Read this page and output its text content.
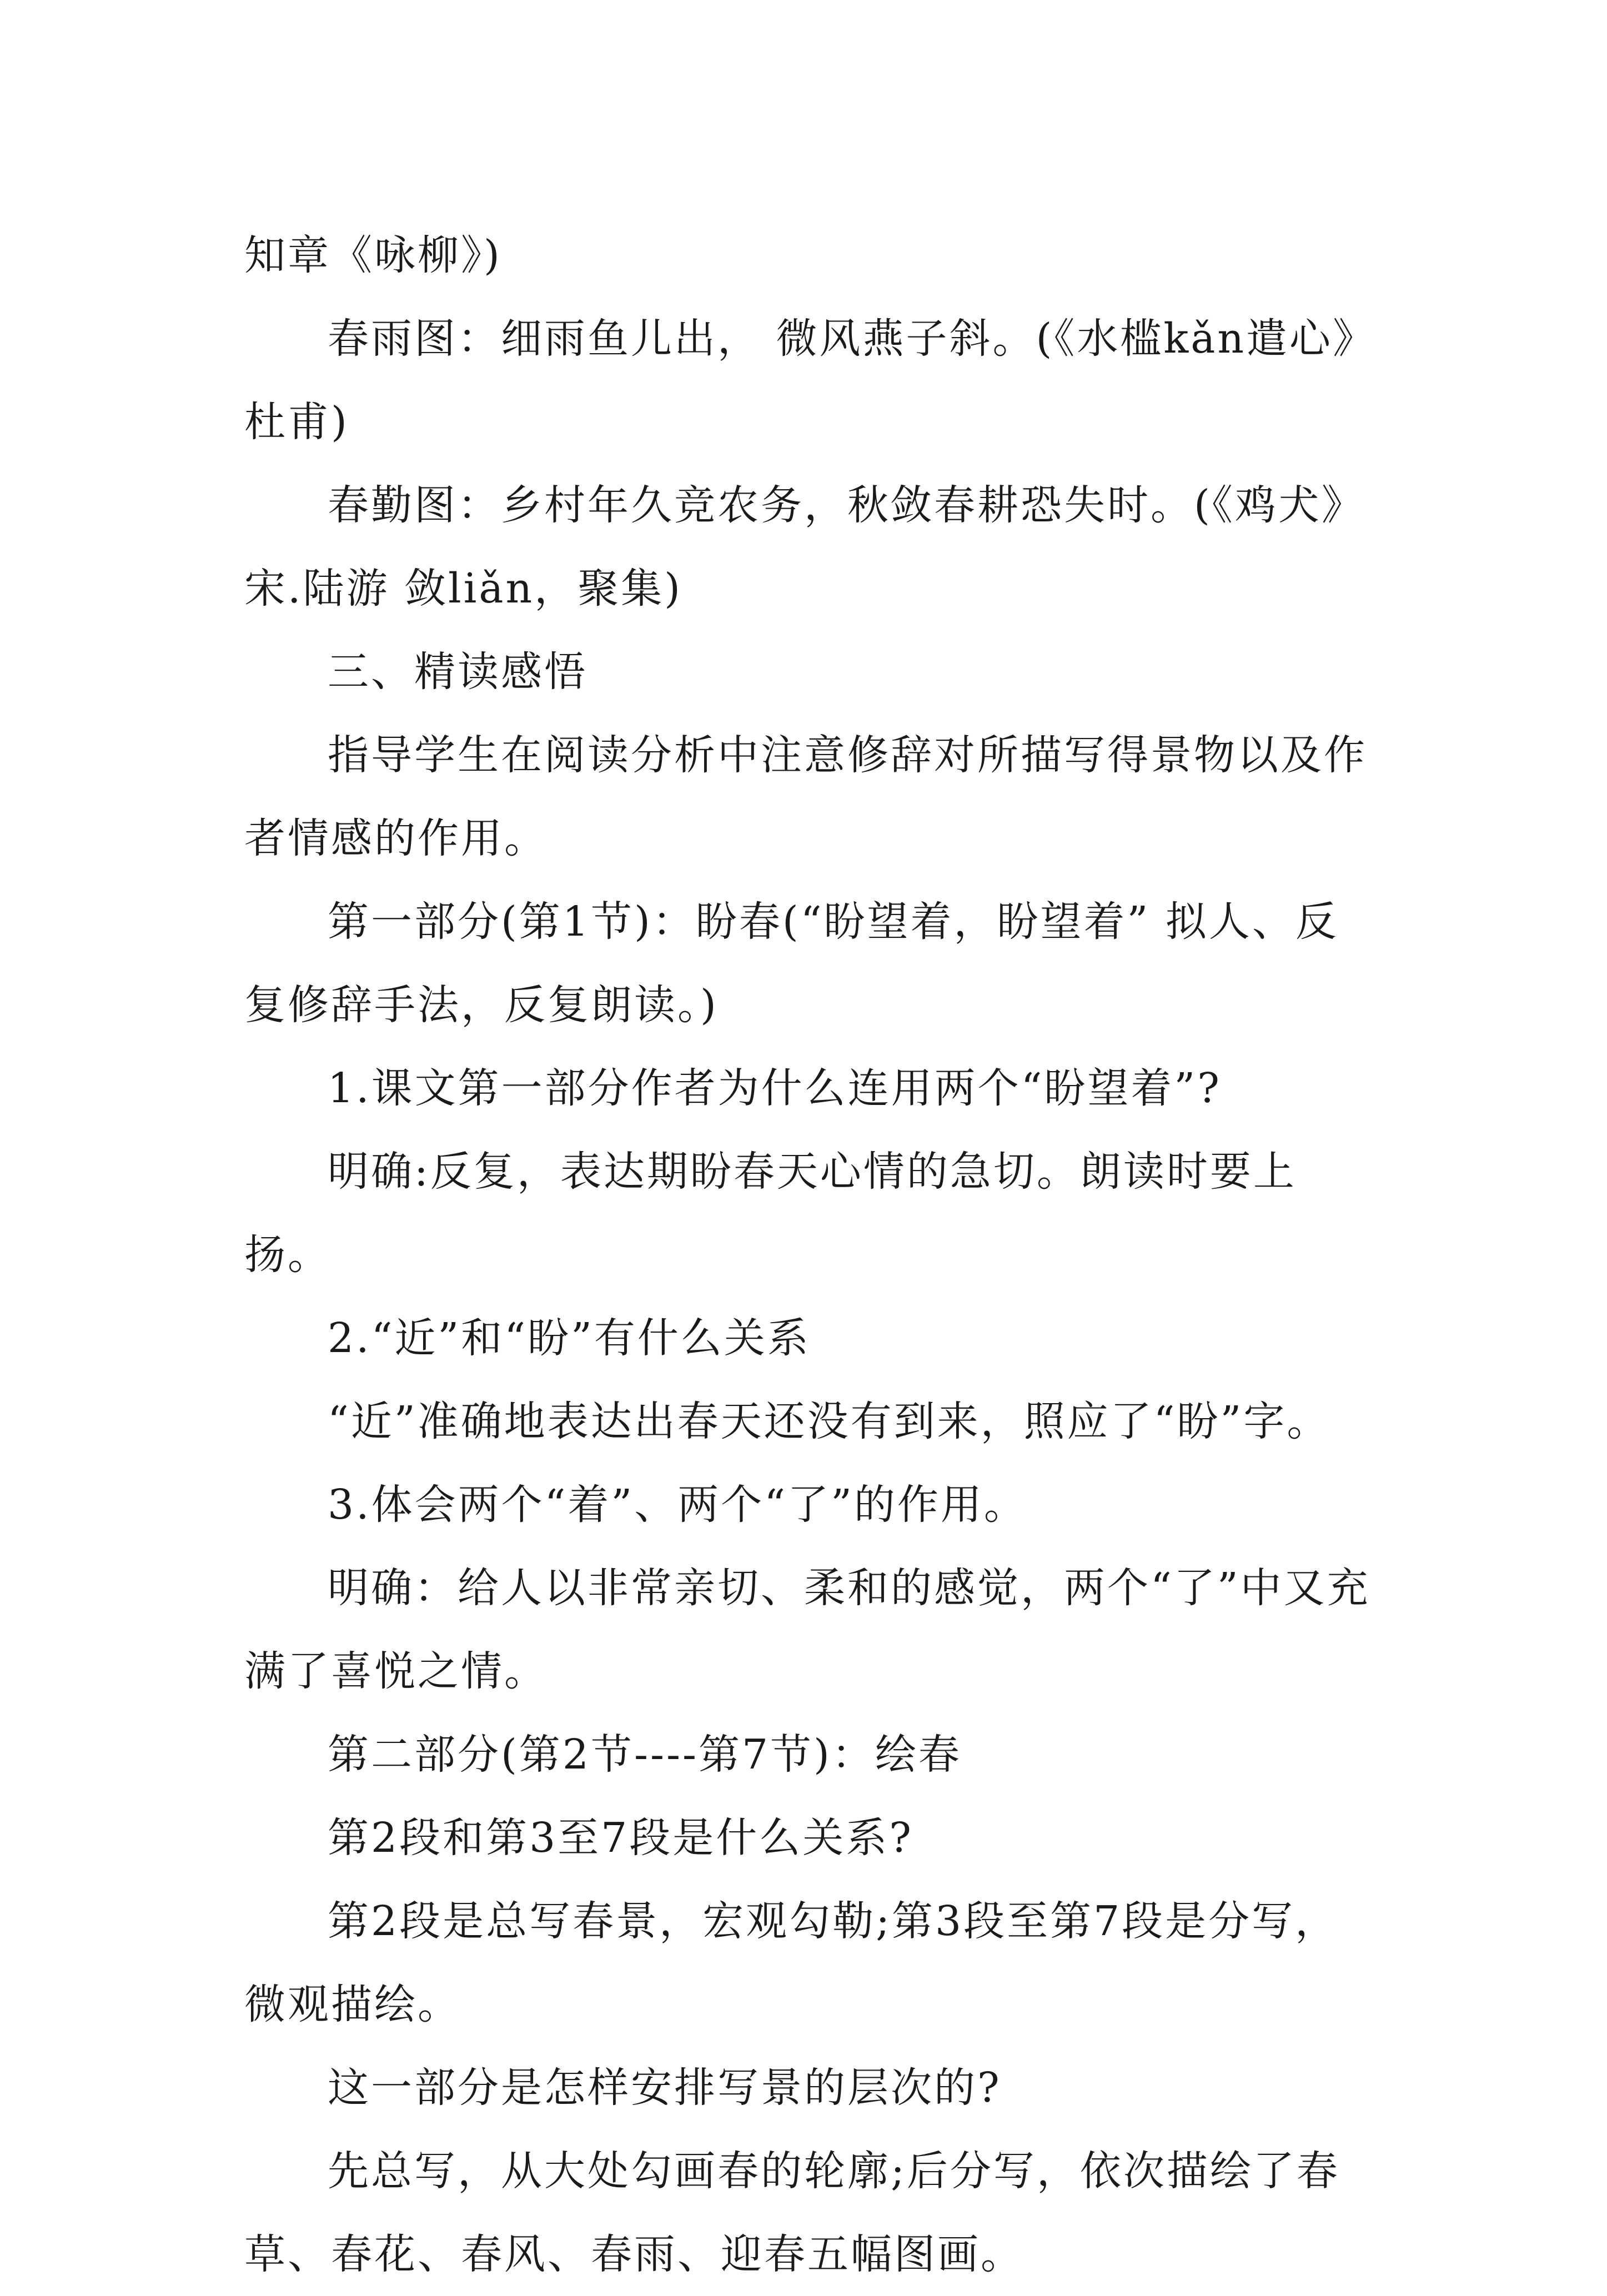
知章《咏柳》)

春雨图：细雨鱼儿出， 微风燕子斜。(《水槛kǎn遣心》 杜甫)

春勤图：乡村年久竞农务，秋敛春耕恐失时。(《鸡犬》宋.陆游 敛liǎn，聚集)

三、精读感悟

指导学生在阅读分析中注意修辞对所描写得景物以及作者情感的作用。

第一部分(第1节)：盼春(“盼望着，盼望着” 拟人、反复修辞手法，反复朗读。)

1.课文第一部分作者为什么连用两个“盼望着”?

明确:反复，表达期盼春天心情的急切。朗读时要上扬。

2.“近”和“盼”有什么关系

“近”准确地表达出春天还没有到来，照应了“盼”字。

3.体会两个“着”、两个“了”的作用。

明确：给人以非常亲切、柔和的感觉，两个“了”中又充满了喜悦之情。

第二部分(第2节----第7节)：绘春

第2段和第3至7段是什么关系?

第2段是总写春景，宏观勾勒;第3段至第7段是分写，微观描绘。

这一部分是怎样安排写景的层次的?

先总写，从大处勾画春的轮廓;后分写，依次描绘了春草、春花、春风、春雨、迎春五幅图画。
